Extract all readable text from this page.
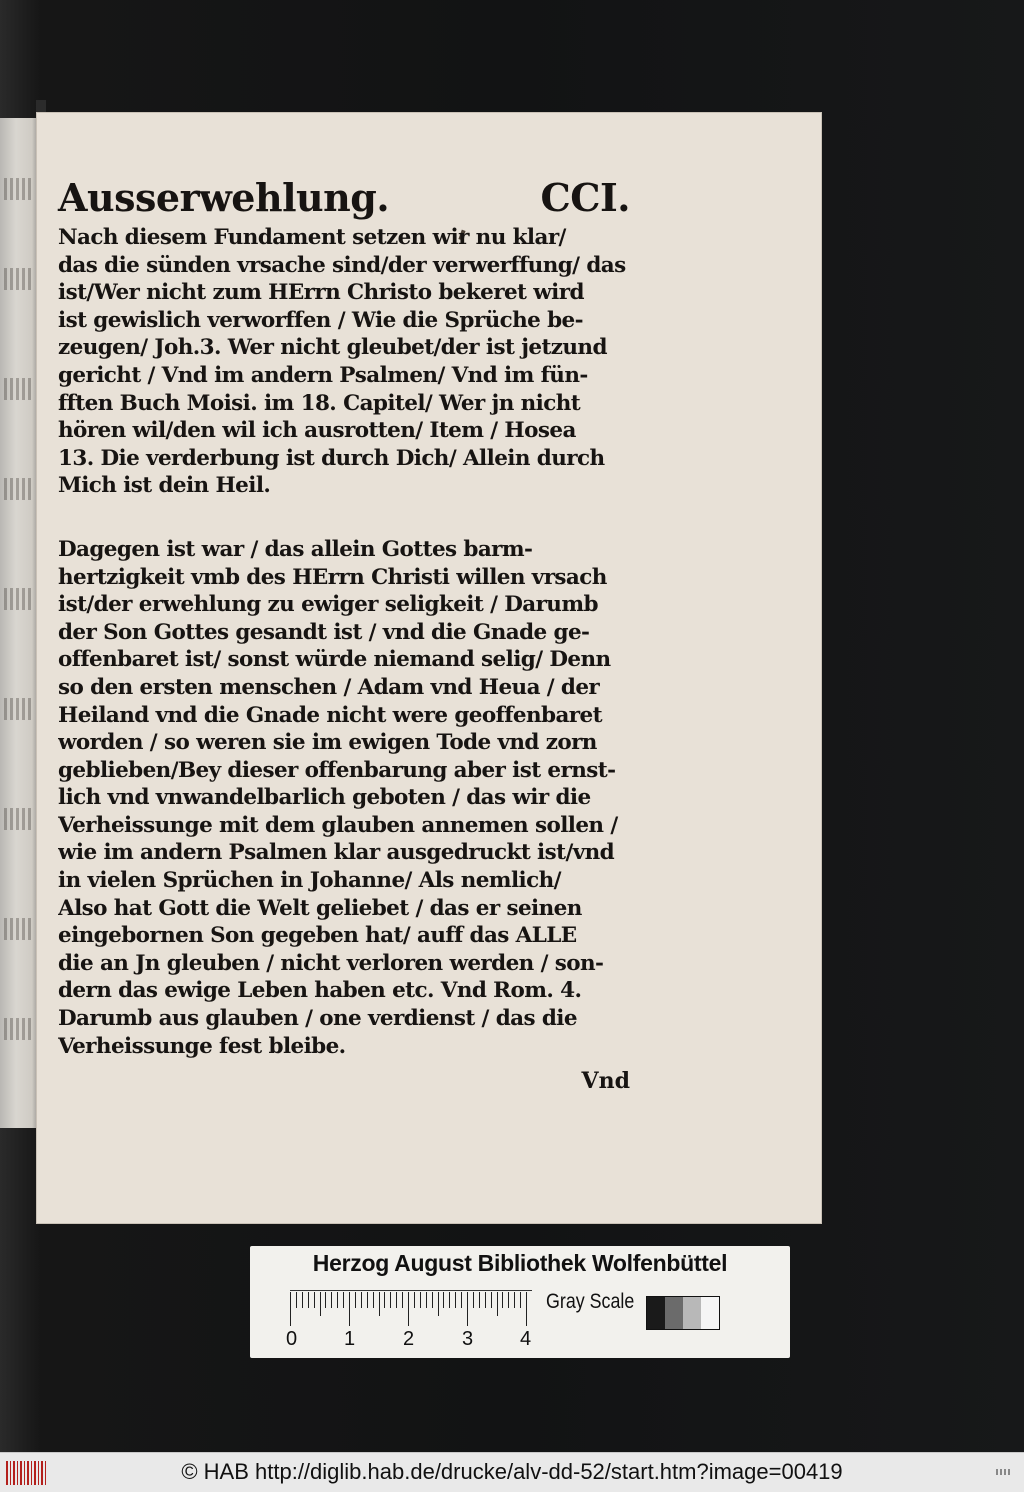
Ausserwehlung.	CCI.
Nach diesem Fundament setzen wir nu klar/
das die sünden vrsache sind/der verwerffung/ das
ist/Wer nicht zum HErrn Christo bekeret wird
ist gewislich verworffen / Wie die Sprüche be-
zeugen/ Joh.3. Wer nicht gleubet/der ist jetzund
gericht / Vnd im andern Psalmen/ Vnd im fün-
fften Buch Moisi. im 18. Capitel/ Wer jn nicht
hören wil/den wil ich ausrotten/ Item / Hosea
13. Die verderbung ist durch Dich/ Allein durch
Mich ist dein Heil.
Dagegen ist war / das allein Gottes barm-
hertzigkeit vmb des HErrn Christi willen vrsach
ist/der erwehlung zu ewiger seligkeit / Darumb
der Son Gottes gesandt ist / vnd die Gnade ge-
offenbaret ist/ sonst würde niemand selig/ Denn
so den ersten menschen / Adam vnd Heua / der
Heiland vnd die Gnade nicht were geoffenbaret
worden / so weren sie im ewigen Tode vnd zorn
geblieben/Bey dieser offenbarung aber ist ernst-
lich vnd vnwandelbarlich geboten / das wir die
Verheissunge mit dem glauben annemen sollen /
wie im andern Psalmen klar ausgedruckt ist/vnd
in vielen Sprüchen in Johanne/ Als nemlich/
Also hat Gott die Welt geliebet / das er seinen
eingebornen Son gegeben hat/ auff das ALLE
die an Jn gleuben / nicht verloren werden / son-
dern das ewige Leben haben etc. Vnd Rom. 4.
Darumb aus glauben / one verdienst / das die
Verheissunge fest bleibe.
Vnd
Herzog August Bibliothek Wolfenbüttel
0 1 2 3 4
Gray Scale
© HAB http://diglib.hab.de/drucke/alv-dd-52/start.htm?image=00419
